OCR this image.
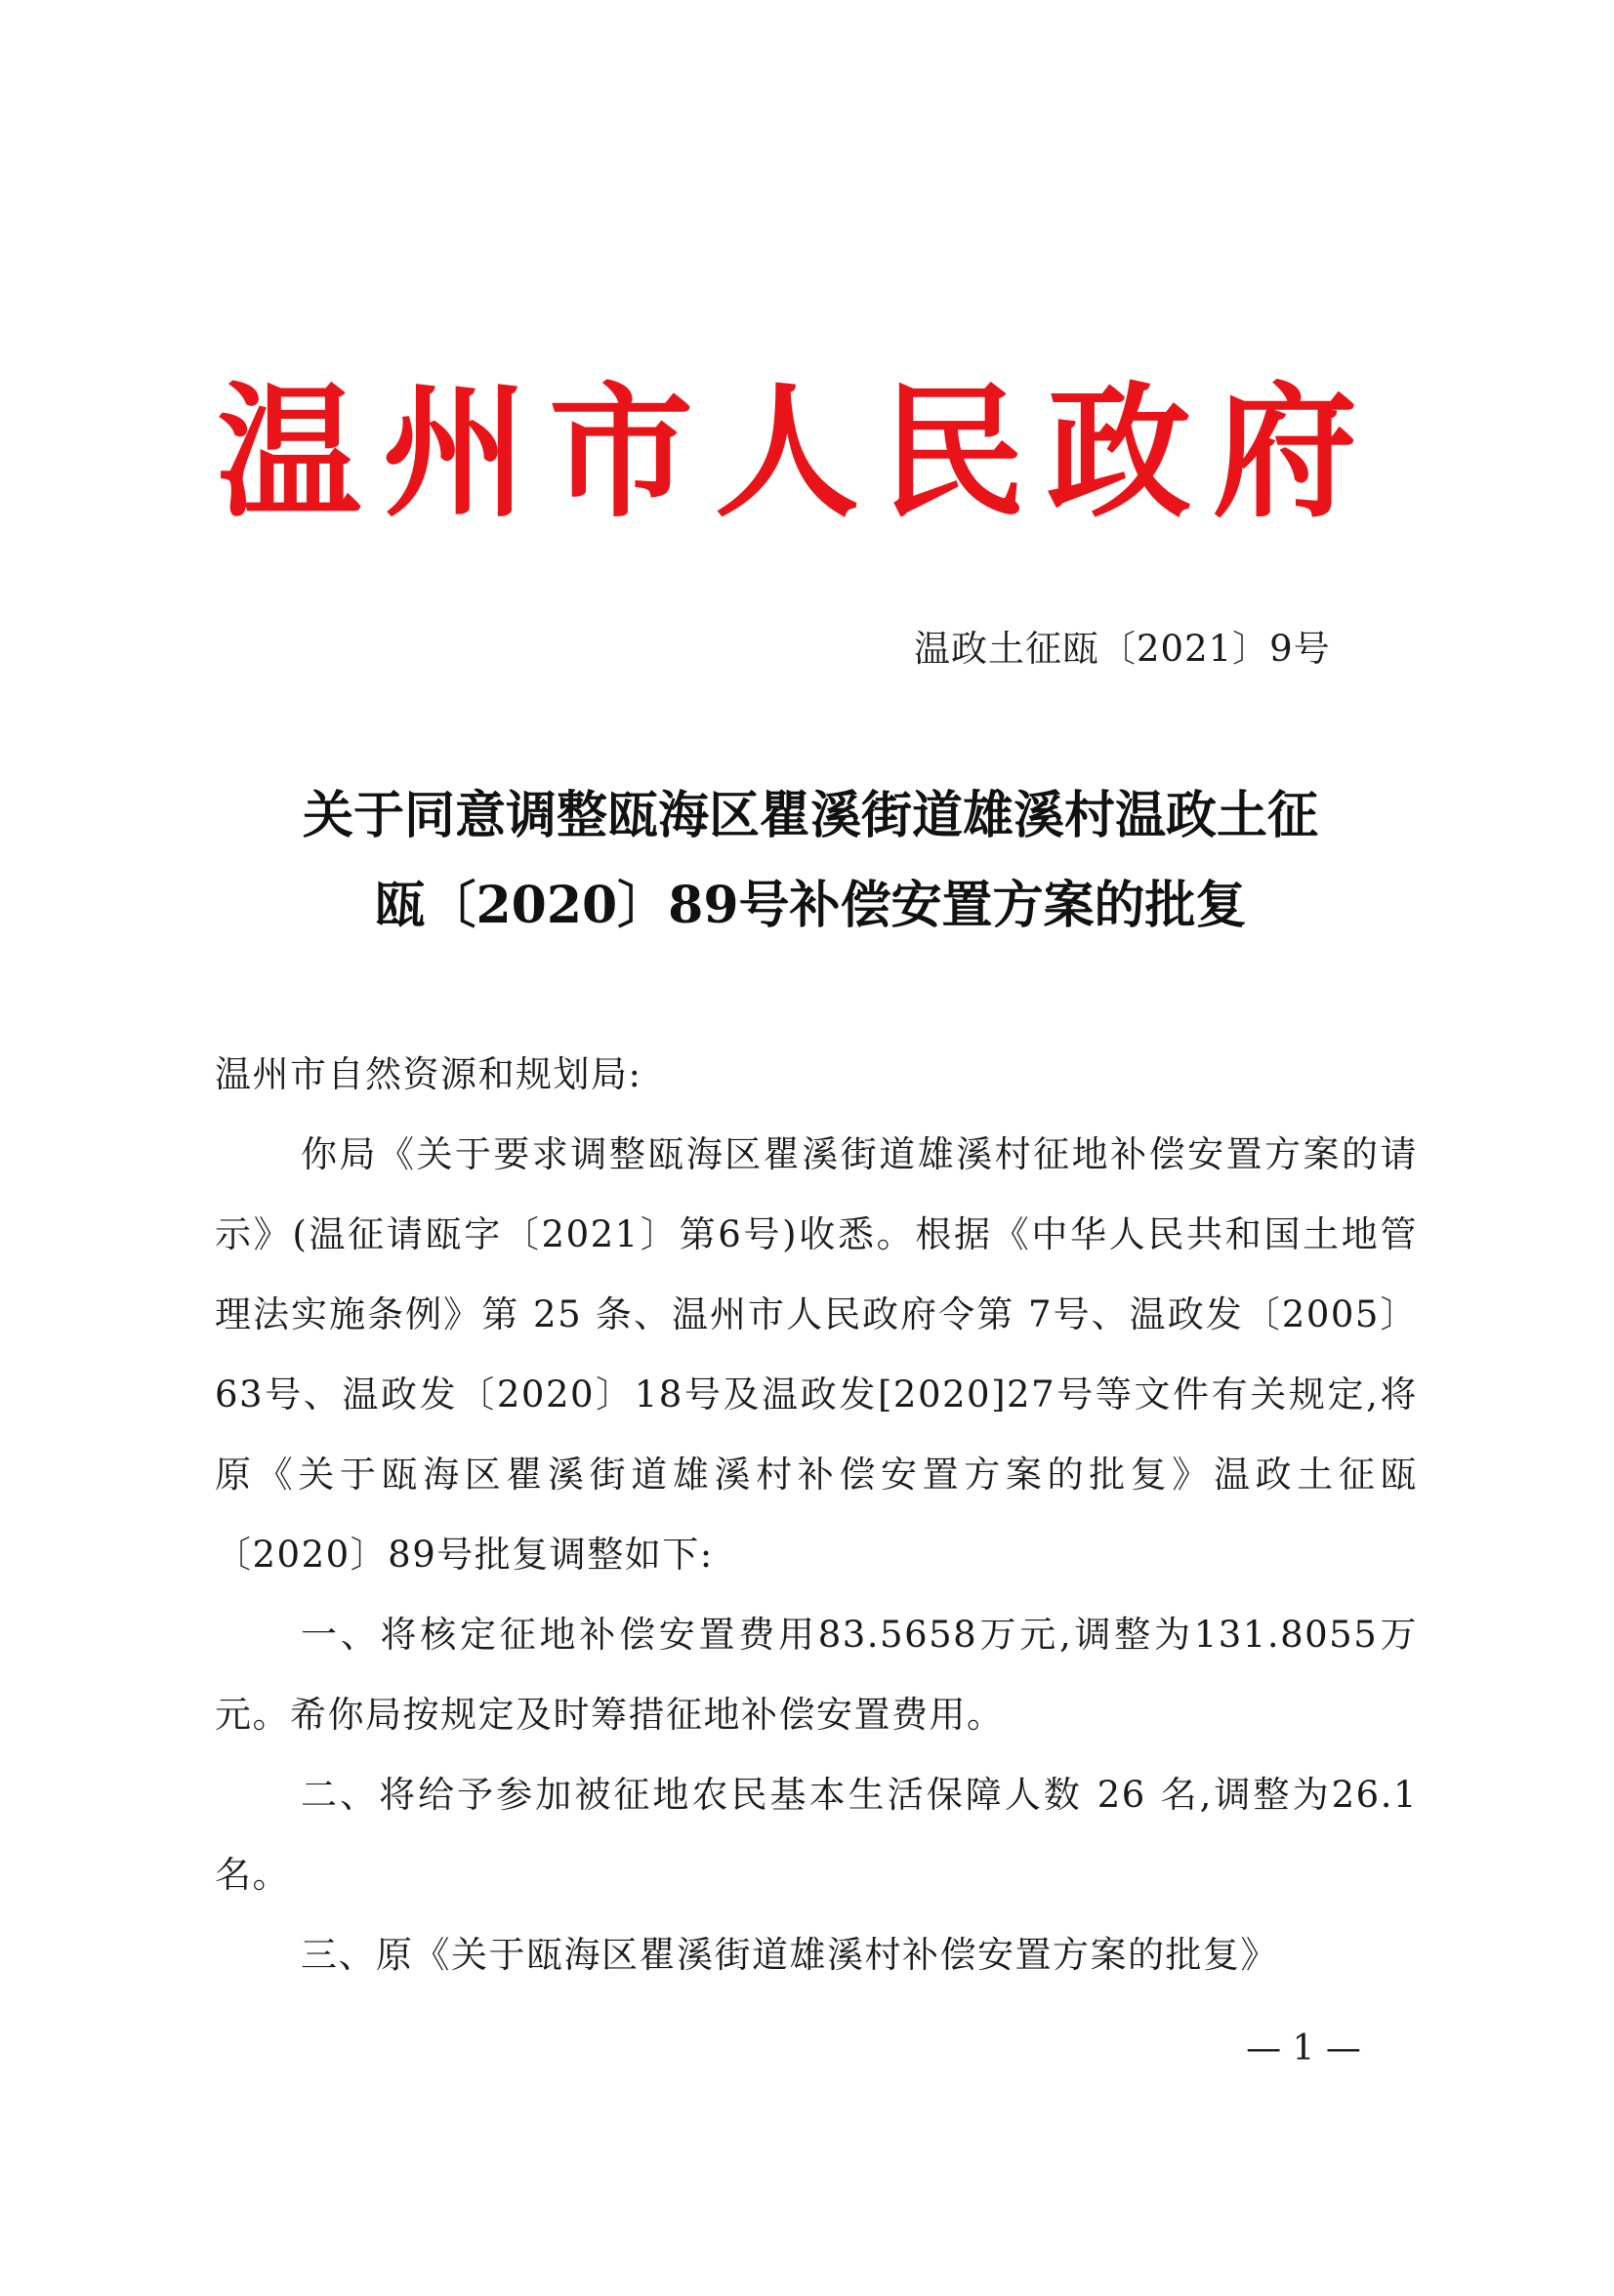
温州市人民政府
温政土征瓯〔2021〕9号
关于同意调整瓯海区瞿溪街道雄溪村温政土征
瓯〔2020〕89号补偿安置方案的批复

温州市自然资源和规划局:

你局《关于要求调整瓯海区瞿溪街道雄溪村征地补偿安置方案的请示》(温征请瓯字〔2021〕第6号)收悉。根据《中华人民共和国土地管理法实施条例》第 25 条、温州市人民政府令第 7号、温政发〔2005〕63号、温政发〔2020〕18号及温政发[2020]27号等文件有关规定,将原《关于瓯海区瞿溪街道雄溪村补偿安置方案的批复》温政土征瓯〔2020〕89号批复调整如下:

一、将核定征地补偿安置费用83.5658万元,调整为131.8055万元。希你局按规定及时筹措征地补偿安置费用。

二、将给予参加被征地农民基本生活保障人数 26 名,调整为26.1名。

三、原《关于瓯海区瞿溪街道雄溪村补偿安置方案的批复》

— 1 —
